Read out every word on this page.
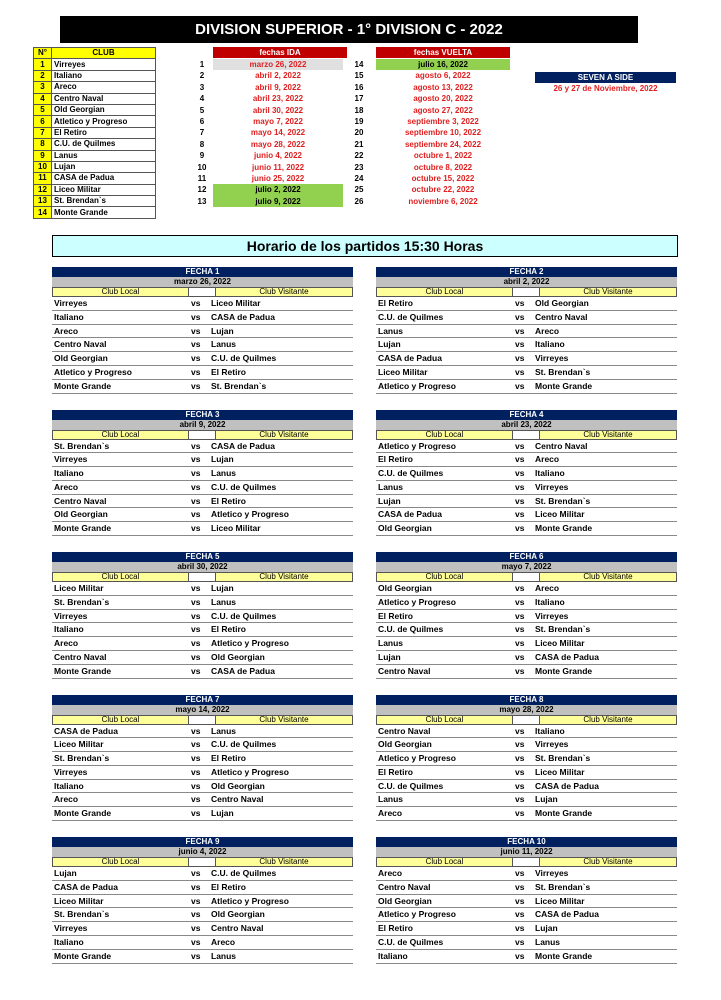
DIVISION SUPERIOR - 1° DIVISION C - 2022
N°	CLUB
1	Virreyes
2	Italiano
3	Areco
4	Centro Naval
5	Old Georgian
6	Atletico y Progreso
7	El Retiro
8	C.U. de Quilmes
9	Lanus
10	Lujan
11	CASA de Padua
12	Liceo Militar
13	St. Brendan`s
14	Monte Grande
fechas IDA	fechas VUELTA
1	marzo 26, 2022	14	julio 16, 2022
2	abril 2, 2022	15	agosto 6, 2022
3	abril 9, 2022	16	agosto 13, 2022
4	abril 23, 2022	17	agosto 20, 2022
5	abril 30, 2022	18	agosto 27, 2022
6	mayo 7, 2022	19	septiembre 3, 2022
7	mayo 14, 2022	20	septiembre 10, 2022
8	mayo 28, 2022	21	septiembre 24, 2022
9	junio 4, 2022	22	octubre 1, 2022
10	junio 11, 2022	23	octubre 8, 2022
11	junio 25, 2022	24	octubre 15, 2022
12	julio 2, 2022	25	octubre 22, 2022
13	julio 9, 2022	26	noviembre 6, 2022
SEVEN A SIDE
26 y 27 de Noviembre, 2022
Horario de los partidos 15:30 Horas
FECHA 1
marzo 26, 2022
Club Local	Club Visitante
Virreyes	vs	Liceo Militar
Italiano	vs	CASA de Padua
Areco	vs	Lujan
Centro Naval	vs	Lanus
Old Georgian	vs	C.U. de Quilmes
Atletico y Progreso	vs	El Retiro
Monte Grande	vs	St. Brendan`s
FECHA 2
abril 2, 2022
Club Local	Club Visitante
El Retiro	vs	Old Georgian
C.U. de Quilmes	vs	Centro Naval
Lanus	vs	Areco
Lujan	vs	Italiano
CASA de Padua	vs	Virreyes
Liceo Militar	vs	St. Brendan`s
Atletico y Progreso	vs	Monte Grande
FECHA 3
abril 9, 2022
Club Local	Club Visitante
St. Brendan`s	vs	CASA de Padua
Virreyes	vs	Lujan
Italiano	vs	Lanus
Areco	vs	C.U. de Quilmes
Centro Naval	vs	El Retiro
Old Georgian	vs	Atletico y Progreso
Monte Grande	vs	Liceo Militar
FECHA 4
abril 23, 2022
Club Local	Club Visitante
Atletico y Progreso	vs	Centro Naval
El Retiro	vs	Areco
C.U. de Quilmes	vs	Italiano
Lanus	vs	Virreyes
Lujan	vs	St. Brendan`s
CASA de Padua	vs	Liceo Militar
Old Georgian	vs	Monte Grande
FECHA 5
abril 30, 2022
Club Local	Club Visitante
Liceo Militar	vs	Lujan
St. Brendan`s	vs	Lanus
Virreyes	vs	C.U. de Quilmes
Italiano	vs	El Retiro
Areco	vs	Atletico y Progreso
Centro Naval	vs	Old Georgian
Monte Grande	vs	CASA de Padua
FECHA 6
mayo 7, 2022
Club Local	Club Visitante
Old Georgian	vs	Areco
Atletico y Progreso	vs	Italiano
El Retiro	vs	Virreyes
C.U. de Quilmes	vs	St. Brendan`s
Lanus	vs	Liceo Militar
Lujan	vs	CASA de Padua
Centro Naval	vs	Monte Grande
FECHA 7
mayo 14, 2022
Club Local	Club Visitante
CASA de Padua	vs	Lanus
Liceo Militar	vs	C.U. de Quilmes
St. Brendan`s	vs	El Retiro
Virreyes	vs	Atletico y Progreso
Italiano	vs	Old Georgian
Areco	vs	Centro Naval
Monte Grande	vs	Lujan
FECHA 8
mayo 28, 2022
Club Local	Club Visitante
Centro Naval	vs	Italiano
Old Georgian	vs	Virreyes
Atletico y Progreso	vs	St. Brendan`s
El Retiro	vs	Liceo Militar
C.U. de Quilmes	vs	CASA de Padua
Lanus	vs	Lujan
Areco	vs	Monte Grande
FECHA 9
junio 4, 2022
Club Local	Club Visitante
Lujan	vs	C.U. de Quilmes
CASA de Padua	vs	El Retiro
Liceo Militar	vs	Atletico y Progreso
St. Brendan`s	vs	Old Georgian
Virreyes	vs	Centro Naval
Italiano	vs	Areco
Monte Grande	vs	Lanus
FECHA 10
junio 11, 2022
Club Local	Club Visitante
Areco	vs	Virreyes
Centro Naval	vs	St. Brendan`s
Old Georgian	vs	Liceo Militar
Atletico y Progreso	vs	CASA de Padua
El Retiro	vs	Lujan
C.U. de Quilmes	vs	Lanus
Italiano	vs	Monte Grande
